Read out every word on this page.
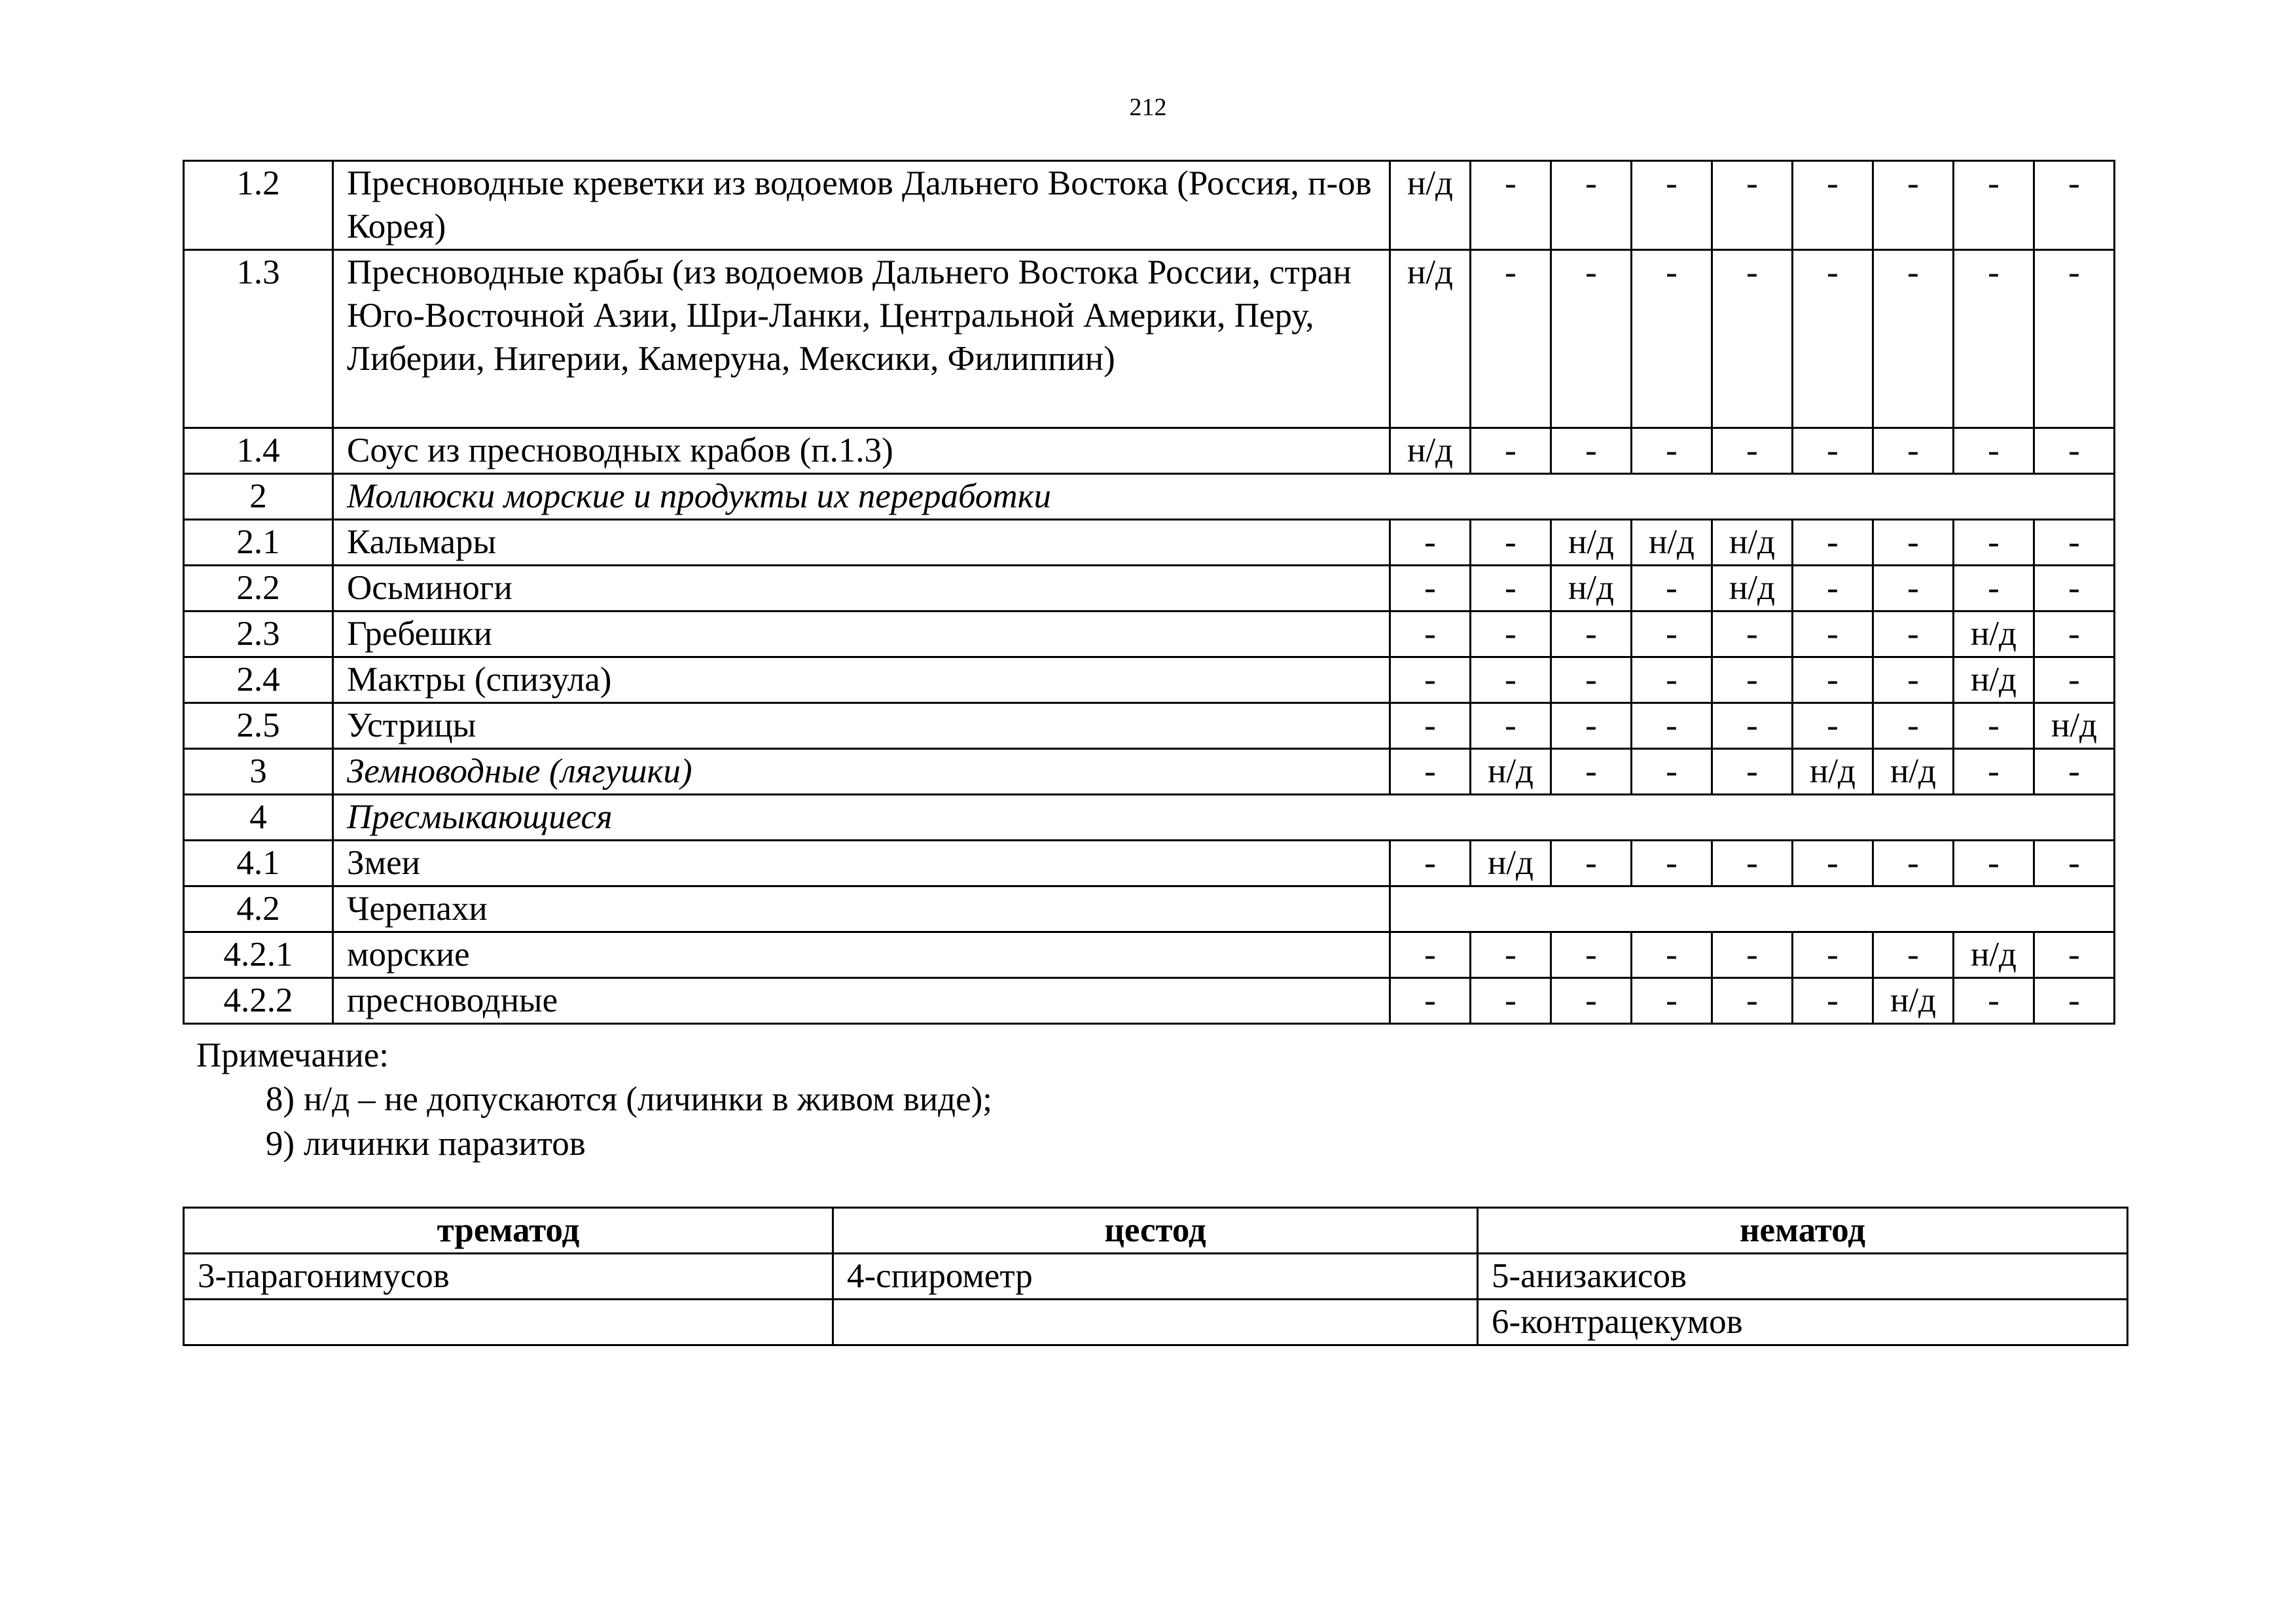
212
1.2	Пресноводные креветки из водоемов Дальнего Востока (Россия, п-ов Корея)	н/д	-	-	-	-	-	-	-	-
1.3	Пресноводные крабы (из водоемов Дальнего Востока России, стран Юго-Восточной Азии, Шри-Ланки, Центральной Америки, Перу, Либерии, Нигерии, Камеруна, Мексики, Филиппин)	н/д	-	-	-	-	-	-	-	-
1.4	Соус из пресноводных крабов (п.1.3)	н/д	-	-	-	-	-	-	-	-
2	Моллюски морские и продукты их переработки									
2.1	Кальмары	-	-	н/д	н/д	н/д	-	-	-	-
2.2	Осьминоги	-	-	н/д	-	н/д	-	-	-	-
2.3	Гребешки	-	-	-	-	-	-	-	н/д	-
2.4	Мактры (спизула)	-	-	-	-	-	-	-	н/д	-
2.5	Устрицы	-	-	-	-	-	-	-	-	н/д
3	Земноводные (лягушки)	-	н/д	-	-	-	н/д	н/д	-	-
4	Пресмыкающиеся									
4.1	Змеи	-	н/д	-	-	-	-	-	-	-
4.2	Черепахи									
4.2.1	морские	-	-	-	-	-	-	-	н/д	-
4.2.2	пресноводные	-	-	-	-	-	-	н/д	-	-
Примечание:
8) н/д – не допускаются (личинки в живом виде);
9) личинки паразитов
трематод	цестод	нематод
3-парагонимусов	4-спирометр	5-анизакисов
		6-контрацекумов
